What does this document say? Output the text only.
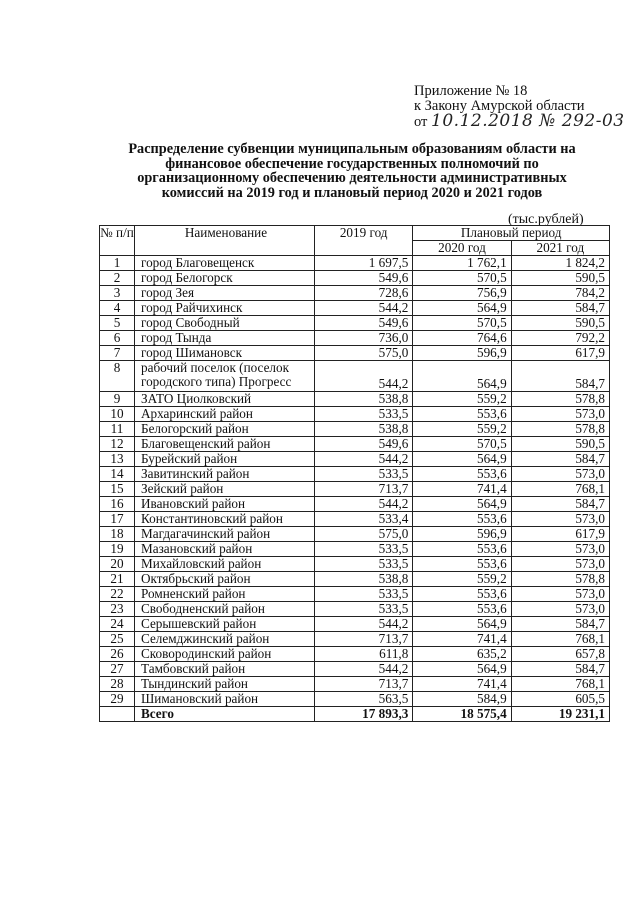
Приложение № 18
к Закону Амурской области
от 10.12.2018 № 292-03
Распределение субвенции муниципальным образованиям области на финансовое обеспечение государственных полномочий по организационному обеспечению деятельности административных комиссий на 2019 год и плановый период 2020 и 2021 годов
(тыс.рублей)
№ п/п	Наименование	2019 год	Плановый период	
			2020 год	2021 год
1	город Благовещенск	1 697,5	1 762,1	1 824,2
2	город Белогорск	549,6	570,5	590,5
3	город Зея	728,6	756,9	784,2
4	город Райчихинск	544,2	564,9	584,7
5	город Свободный	549,6	570,5	590,5
6	город Тында	736,0	764,6	792,2
7	город Шимановск	575,0	596,9	617,9
8	рабочий поселок (поселок городского типа) Прогресс	544,2	564,9	584,7
9	ЗАТО Циолковский	538,8	559,2	578,8
10	Архаринский район	533,5	553,6	573,0
11	Белогорский район	538,8	559,2	578,8
12	Благовещенский район	549,6	570,5	590,5
13	Бурейский район	544,2	564,9	584,7
14	Завитинский район	533,5	553,6	573,0
15	Зейский район	713,7	741,4	768,1
16	Ивановский район	544,2	564,9	584,7
17	Константиновский район	533,4	553,6	573,0
18	Магдагачинский район	575,0	596,9	617,9
19	Мазановский район	533,5	553,6	573,0
20	Михайловский район	533,5	553,6	573,0
21	Октябрьский район	538,8	559,2	578,8
22	Ромненский район	533,5	553,6	573,0
23	Свободненский район	533,5	553,6	573,0
24	Серышевский район	544,2	564,9	584,7
25	Селемджинский район	713,7	741,4	768,1
26	Сковородинский район	611,8	635,2	657,8
27	Тамбовский район	544,2	564,9	584,7
28	Тындинский район	713,7	741,4	768,1
29	Шимановский район	563,5	584,9	605,5
	Всего	17 893,3	18 575,4	19 231,1
